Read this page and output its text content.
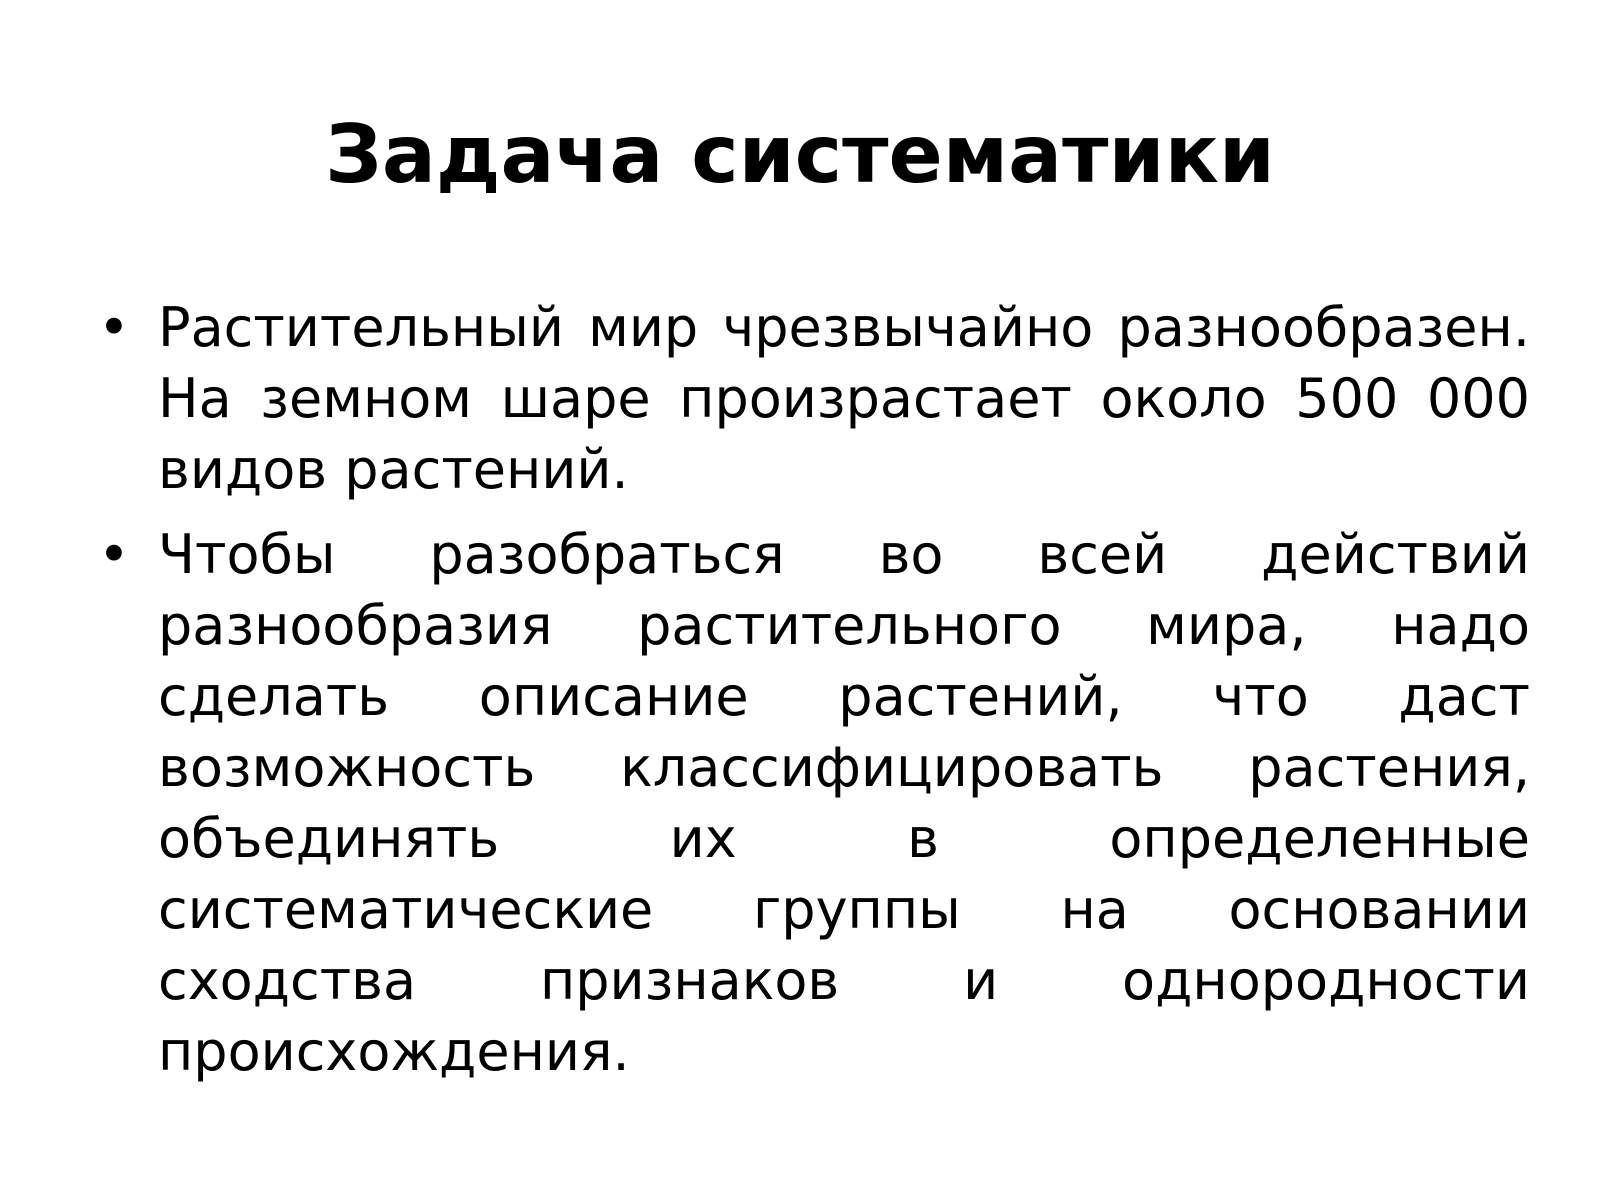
Задача систематики
• Растительный мир чрезвычайно разнообразен. На земном шаре произрастает около 500 000 видов растений.
• Чтобы разобраться во всей действий разнообразия растительного мира, надо сделать описание растений, что даст возможность классифицировать растения, объединять их в определенные систематические группы на основании сходства признаков и однородности происхождения.
